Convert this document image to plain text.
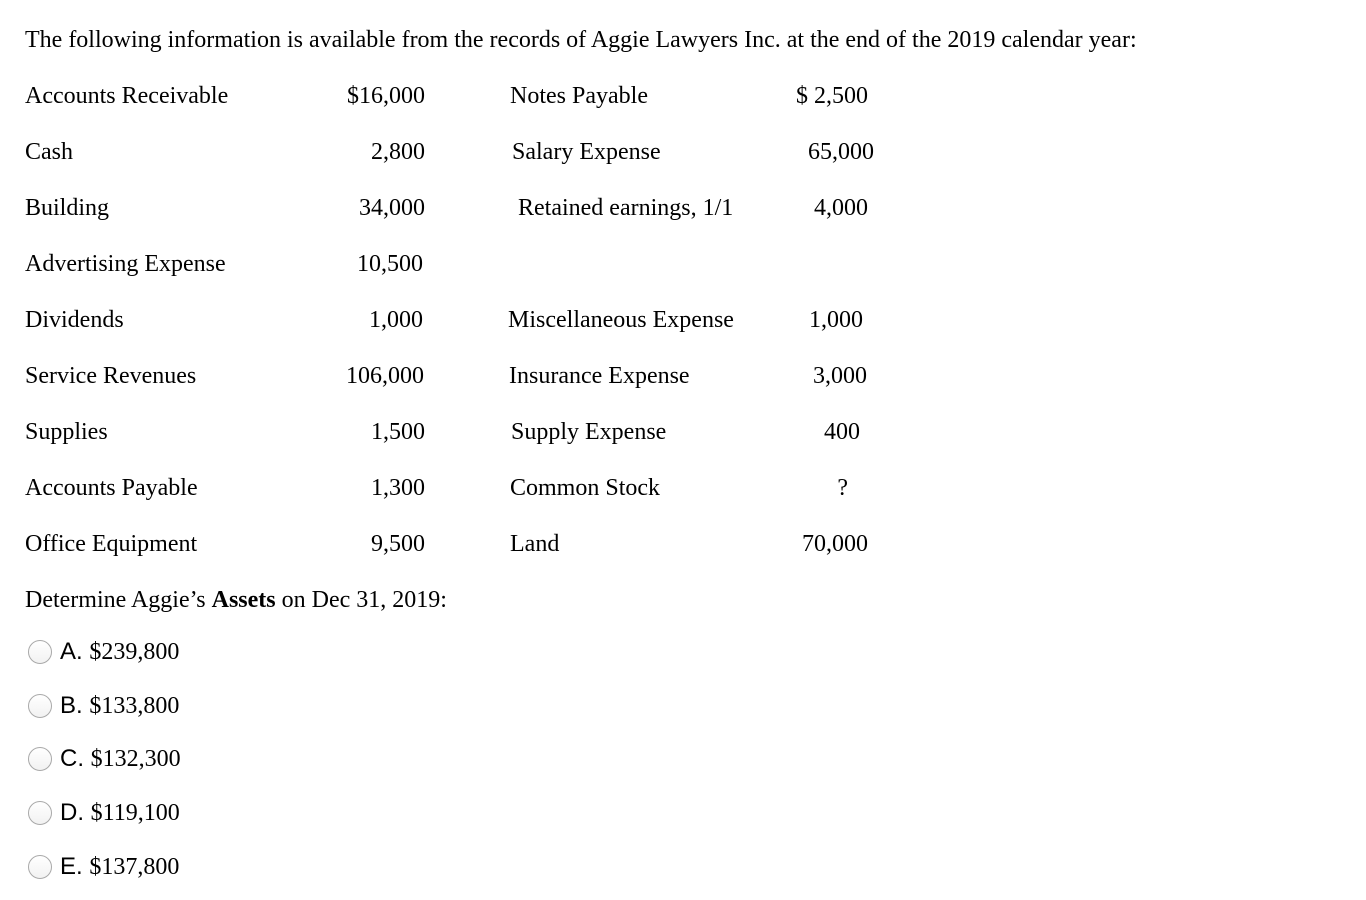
The following information is available from the records of Aggie Lawyers Inc. at the end of the 2019 calendar year:
Accounts Receivable	$16,000	Notes Payable	$ 2,500
Cash	2,800	Salary Expense	65,000
Building	34,000	Retained earnings, 1/1	4,000
Advertising Expense	10,500
Dividends	1,000	Miscellaneous Expense	1,000
Service Revenues	106,000	Insurance Expense	3,000
Supplies	1,500	Supply Expense	400
Accounts Payable	1,300	Common Stock	?
Office Equipment	9,500	Land	70,000
Determine Aggie’s Assets on Dec 31, 2019:
A. $239,800
B. $133,800
C. $132,300
D. $119,100
E. $137,800
